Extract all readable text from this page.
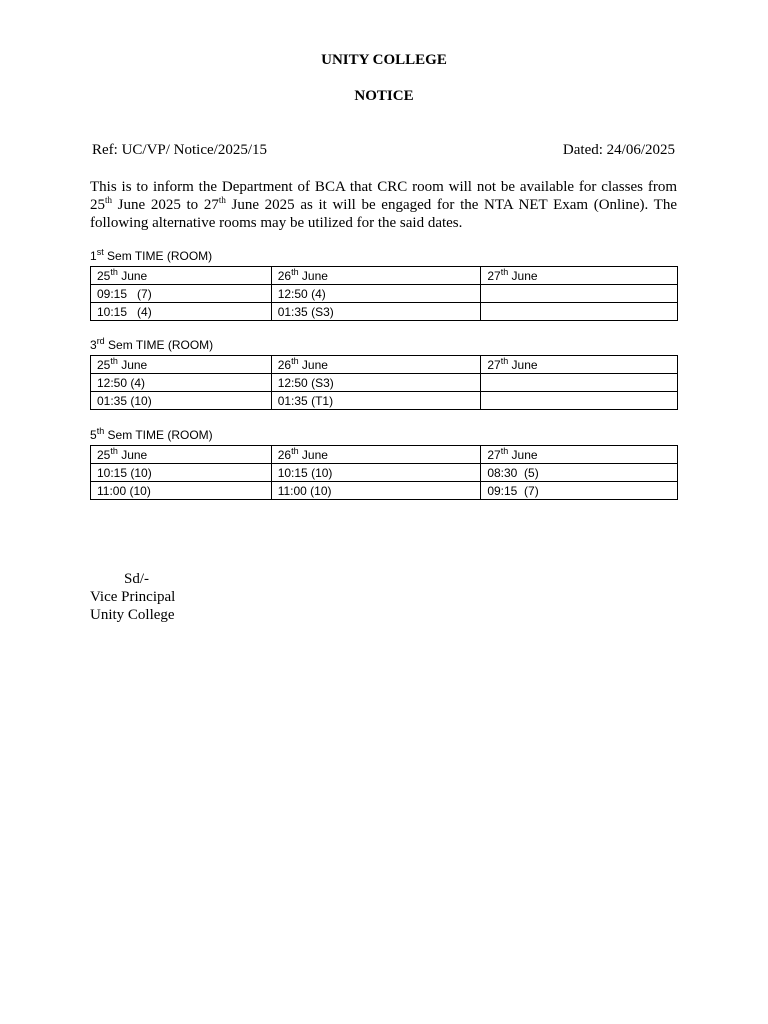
UNITY COLLEGE
NOTICE
Ref: UC/VP/ Notice/2025/15	Dated: 24/06/2025

This is to inform the Department of BCA that CRC room will not be available for classes from 25th June 2025 to 27th June 2025 as it will be engaged for the NTA NET Exam (Online). The following alternative rooms may be utilized for the said dates.

1st Sem TIME (ROOM)
25th June	26th June	27th June
09:15   (7)	12:50 (4)	
10:15   (4)	01:35 (S3)	
3rd Sem TIME (ROOM)
25th June	26th June	27th June
12:50 (4)	12:50 (S3)	
01:35 (10)	01:35 (T1)	
5th Sem TIME (ROOM)
25th June	26th June	27th June
10:15 (10)	10:15 (10)	08:30  (5)
11:00 (10)	11:00 (10)	09:15  (7)
Sd/-
Vice Principal
Unity College
